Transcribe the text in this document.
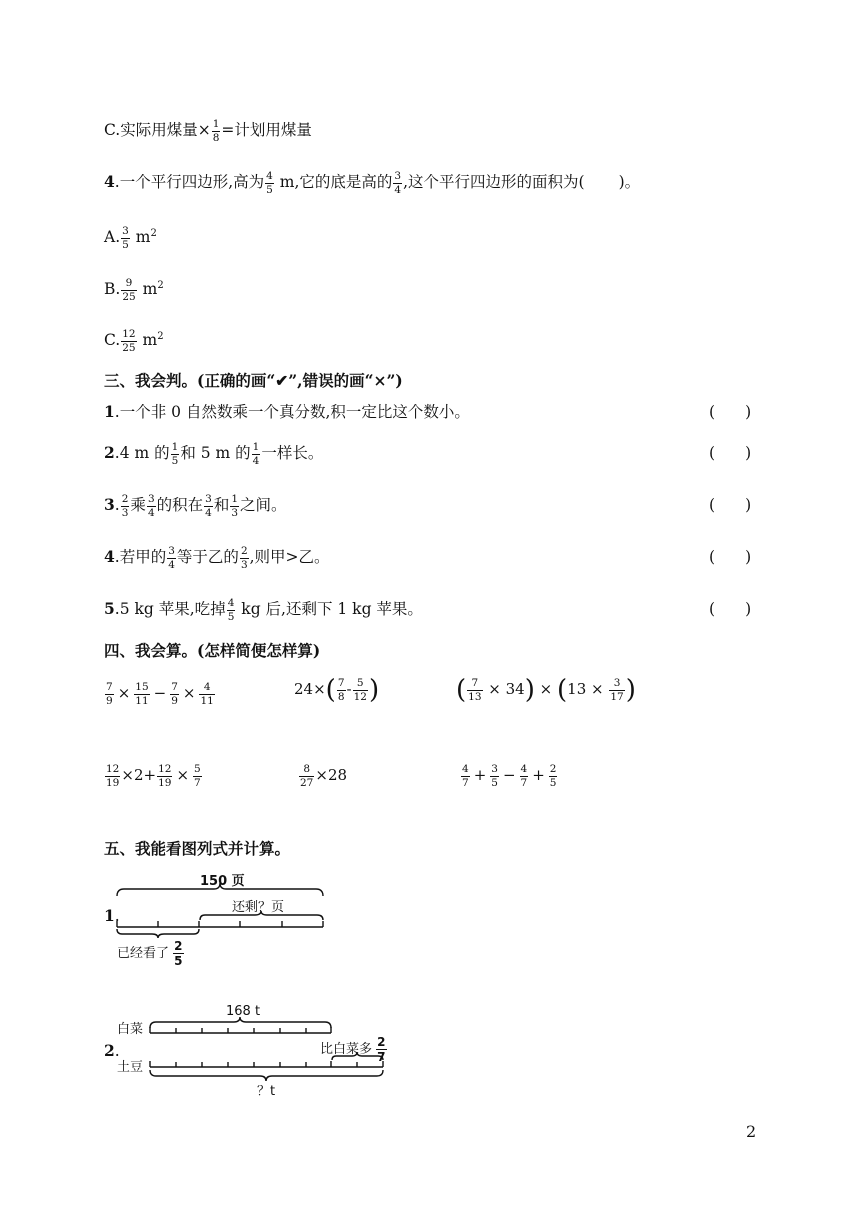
C.实际用煤量× $\frac{1}{8}$ =计划用煤量
4.一个平行四边形,高为 $\frac{4}{5} m$,它的底是高的 $\frac{3}{4}$ ,这个平行四边形的面积为( )。
A. $\frac{3}{5} m^2$
B. $\frac{9}{25} m^2$
C. $\frac{12}{25} m^2$
三、我会判。(正确的画“✔”,错误的画“×”)
1.一个非 0 自然数乘一个真分数,积一定比这个数小。	( )
2.4 m 的 $\frac{1}{5}$ 和 5 m 的 $\frac{1}{4}$ 一样长。	( )
3. $\frac{2}{3}$ 乘 $\frac{3}{4}$ 的积在 $\frac{3}{4}$ 和 $\frac{1}{3}$ 之间。	( )
4.若甲的 $\frac{3}{4}$ 等于乙的 $\frac{2}{3}$ ,则甲>乙。	( )
5.5 kg 苹果,吃掉 $\frac{4}{5}$ kg 后,还剩下 1 kg 苹果。	( )
四、我会算。(怎样简便怎样算)
$\frac{7}{9} \times \frac{15}{11} - \frac{7}{9} \times \frac{4}{11}$	$24\times( \frac{7}{8} - \frac{5}{12}$ )	( $\frac{7}{13} \times 34) \times (13 \times \frac{3}{17}$ )
$\frac{12}{19} \times 2+ \frac{12}{19} \times \frac{5}{7}$	$\frac{8}{27} \times 28$	$\frac{4}{7} + \frac{3}{5} - \frac{4}{7} + \frac{2}{5}$
五、我能看图列式并计算。
1.
150 页
还剩？页
已经看了 $\frac{2}{5}$
2.
白菜
土豆
168 t
比白菜多 $\frac{2}{7}$
？t
2
